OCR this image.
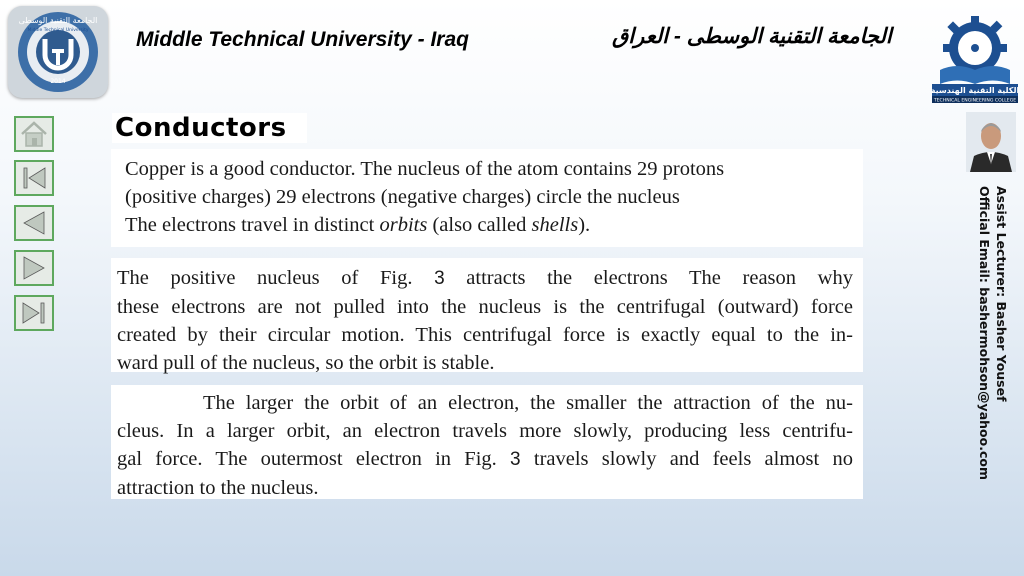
الجامعة التقنية الوسطى
2014
Middle Technical University Middle Technical University - Iraq	الجامعة التقنية الوسطى - العراق
الكلية التقنية الهندسية
TECHNICAL ENGINEERING COLLEGE
Conductors
Copper is a good conductor. The nucleus of the atom contains 29 protons
(positive charges) 29 electrons (negative charges) circle the nucleus
The electrons travel in distinct orbits (also called shells).
The positive nucleus of Fig. 3 attracts the electrons The reason why
these electrons are not pulled into the nucleus is the centrifugal (outward) force
created by their circular motion. This centrifugal force is exactly equal to the in-
ward pull of the nucleus, so the orbit is stable.
The larger the orbit of an electron, the smaller the attraction of the nu-
cleus. In a larger orbit, an electron travels more slowly, producing less centrifu-
gal force. The outermost electron in Fig. 3 travels slowly and feels almost no
attraction to the nucleus.
Assist Lecturer: Basher Yousef
Official Email: bashermohson@yahoo.com
